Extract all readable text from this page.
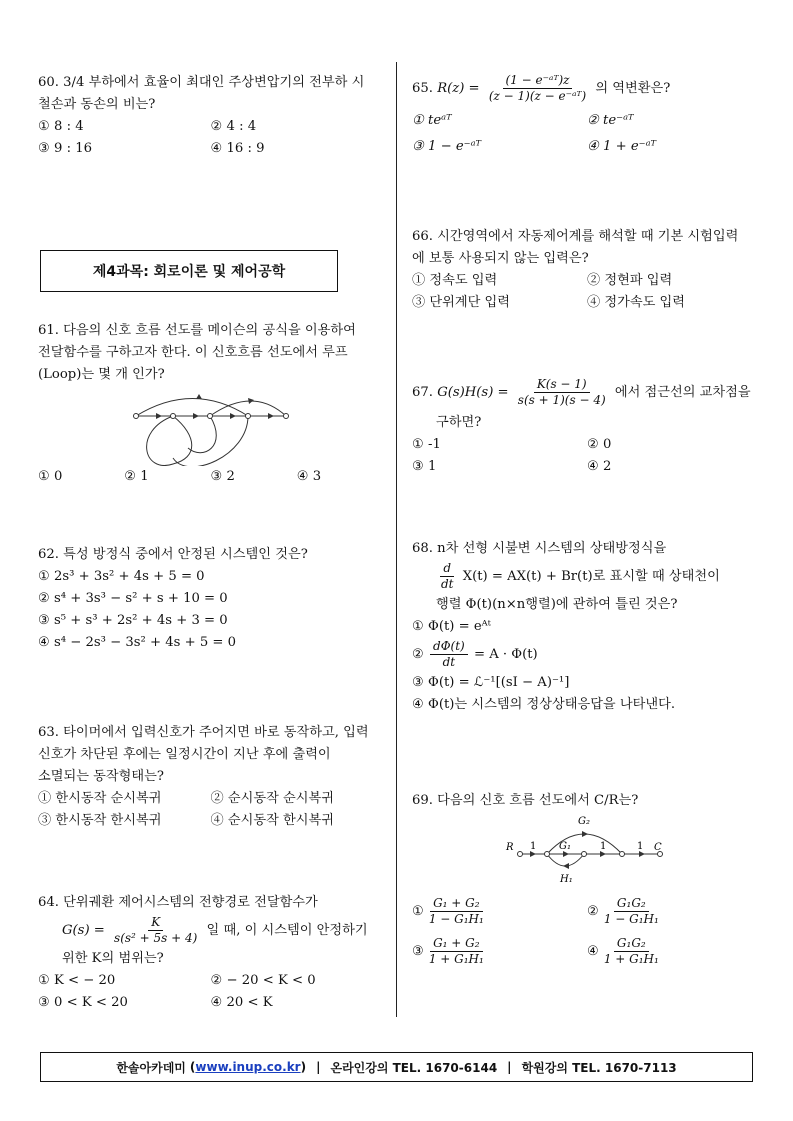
60. 3/4 부하에서 효율이 최대인 주상변압기의 전부하 시
철손과 동손의 비는?
① 8 : 4	② 4 : 4
③ 9 : 16	④ 16 : 9
61. 다음의 신호 흐름 선도를 메이슨의 공식을 이용하여
전달함수를 구하고자 한다. 이 신호흐름 선도에서 루프
(Loop)는 몇 개 인가?
① 0	② 1	③ 2	④ 3
62. 특성 방정식 중에서 안정된 시스템인 것은?
① 2s³ + 3s² + 4s + 5 = 0
② s⁴ + 3s³ − s² + s + 10 = 0
③ s⁵ + s³ + 2s² + 4s + 3 = 0
④ s⁴ − 2s³ − 3s² + 4s + 5 = 0
63. 타이머에서 입력신호가 주어지면 바로 동작하고, 입력
신호가 차단된 후에는 일정시간이 지난 후에 출력이
소멸되는 동작형태는?
① 한시동작 순시복귀	② 순시동작 순시복귀
③ 한시동작 한시복귀	④ 순시동작 한시복귀
64. 단위궤환 제어시스템의 전향경로 전달함수가
$G(s) = \frac{K}{\text{s(s² + 5s + 4)}}$ 일 때, 이 시스템이 안정하기
위한 K의 범위는?
① K < − 20	② − 20 < K < 0
③ 0 < K < 20	④ 20 < K
제4과목: 회로이론 및 제어공학
65. $R(z) = \frac{\text{(1 − e⁻ᵃᵀ)z}}{\text{(z − 1)(z − e⁻ᵃᵀ)}}$ 의 역변환은?
① teᵃᵀ	② te⁻ᵃᵀ
③ 1 − e⁻ᵃᵀ	④ 1 + e⁻ᵃᵀ
66. 시간영역에서 자동제어계를 해석할 때 기본 시험입력
에 보통 사용되지 않는 입력은?
① 정속도 입력	② 정현파 입력
③ 단위계단 입력	④ 정가속도 입력
67. $G(s)H(s) = \frac{K(s - 1)}{s(s + 1)(s - 4)}$ 에서 점근선의 교차점을
구하면?
① -1	② 0
③ 1	④ 2
68. n차 선형 시불변 시스템의 상태방정식을
$\frac{d}{dt} X(t) = AX(t) + Br(t)$로 표시할 때 상태천이
행렬 Φ(t)(n×n행렬)에 관하여 틀린 것은?
① Φ(t) = eᴬᵗ
② $\frac{d\Phi(t)}{dt} = A \cdot \Phi(t)$
③ Φ(t) = ℒ⁻¹[(sI − A)⁻¹]
④ Φ(t)는 시스템의 정상상태응답을 나타낸다.
69. 다음의 신호 흐름 선도에서 C/R는?
R 1 G₁	1	1 C
G₂
H₁
① $\frac{\text{G₁ + G₂}}{\text{1 − G₁H₁}}$	② $\frac{\text{G₁G₂}}{\text{1 − G₁H₁}}$
③ $\frac{\text{G₁ + G₂}}{\text{1 + G₁H₁}}$	④ $\frac{\text{G₁G₂}}{\text{1 + G₁H₁}}$
한솔아카데미 (www.inup.co.kr) | 온라인강의 TEL. 1670-6144 | 학원강의 TEL. 1670-7113
